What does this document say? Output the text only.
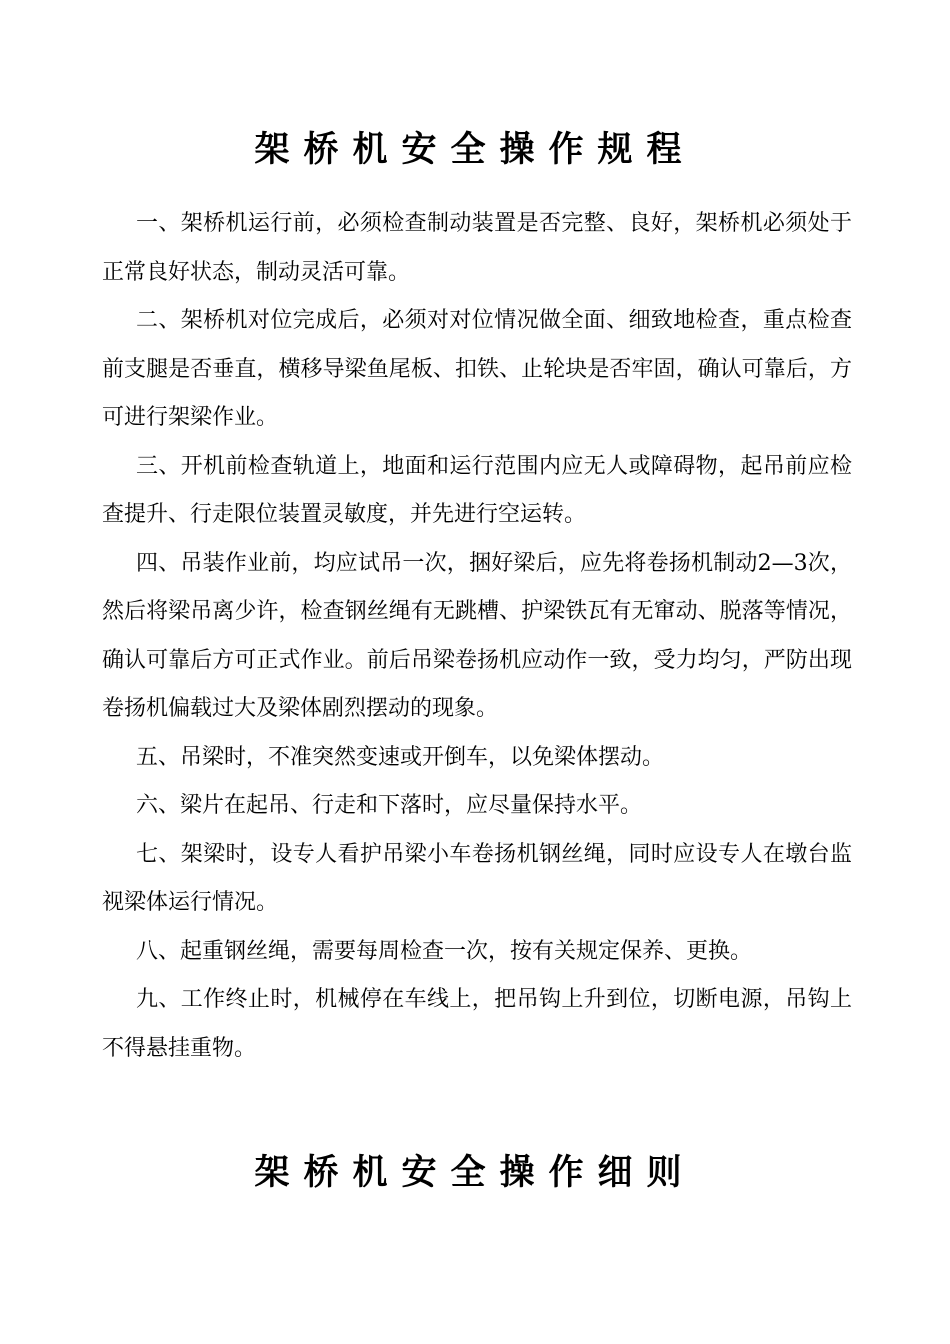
架桥机安全操作规程

一、架桥机运行前，必须检查制动装置是否完整、良好，架桥机必须处于正常良好状态，制动灵活可靠。

二、架桥机对位完成后，必须对对位情况做全面、细致地检查，重点检查前支腿是否垂直，横移导梁鱼尾板、扣铁、止轮块是否牢固，确认可靠后，方可进行架梁作业。

三、开机前检查轨道上，地面和运行范围内应无人或障碍物，起吊前应检查提升、行走限位装置灵敏度，并先进行空运转。

四、吊装作业前，均应试吊一次，捆好梁后，应先将卷扬机制动2—3次，然后将梁吊离少许，检查钢丝绳有无跳槽、护梁铁瓦有无窜动、脱落等情况，确认可靠后方可正式作业。前后吊梁卷扬机应动作一致，受力均匀，严防出现卷扬机偏载过大及梁体剧烈摆动的现象。

五、吊梁时，不准突然变速或开倒车，以免梁体摆动。

六、梁片在起吊、行走和下落时，应尽量保持水平。

七、架梁时，设专人看护吊梁小车卷扬机钢丝绳，同时应设专人在墩台监视梁体运行情况。

八、起重钢丝绳，需要每周检查一次，按有关规定保养、更换。

九、工作终止时，机械停在车线上，把吊钩上升到位，切断电源，吊钩上不得悬挂重物。

架桥机安全操作细则
